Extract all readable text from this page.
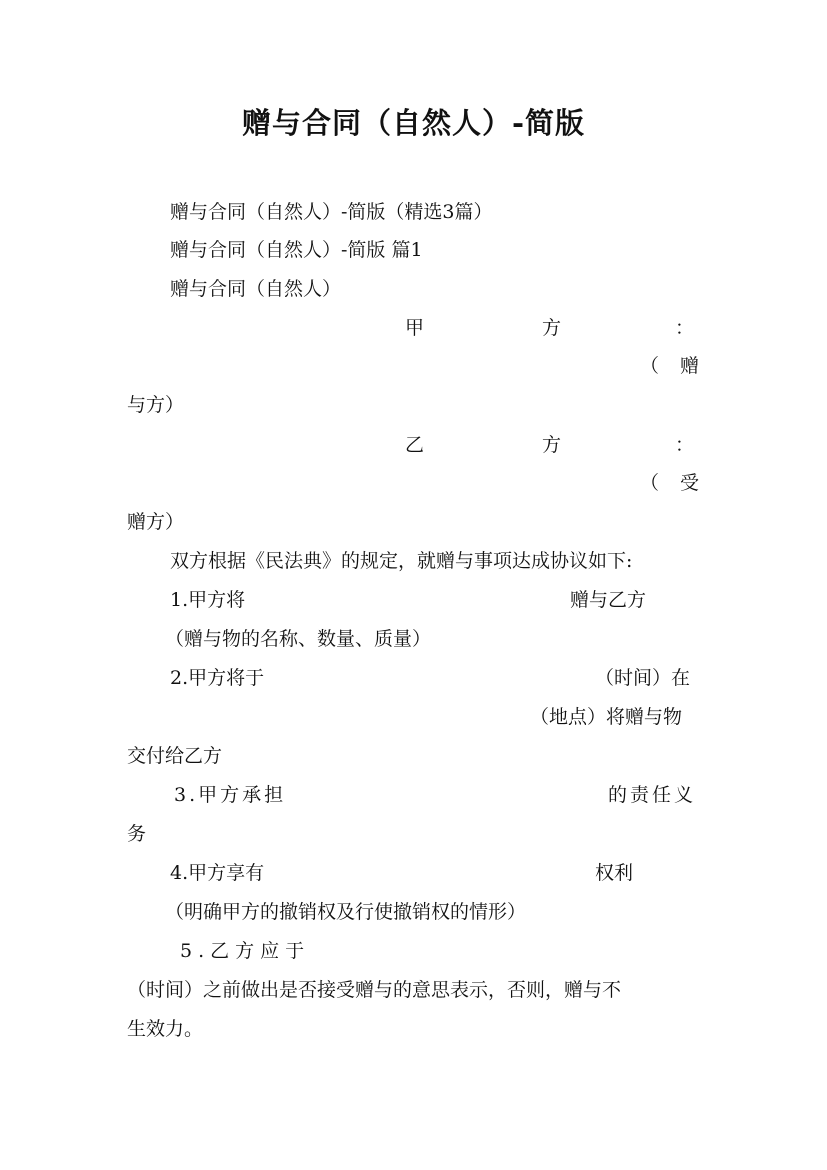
赠与合同（自然人）-简版
赠与合同（自然人）-简版（精选3篇）
赠与合同（自然人）-简版 篇1
赠与合同（自然人）
甲	方	：
（ 赠
与方）
乙	方	：
（ 受
赠方）
双方根据《民法典》的规定，就赠与事项达成协议如下:
1.甲方将	赠与乙方
（赠与物的名称、数量、质量）
2.甲方将于	（时间）在
（地点）将赠与物
交付给乙方
3.甲方承担	的责任义
务
4.甲方享有	权利
（明确甲方的撤销权及行使撤销权的情形）
5.乙方应于
（时间）之前做出是否接受赠与的意思表示，否则，赠与不
生效力。
